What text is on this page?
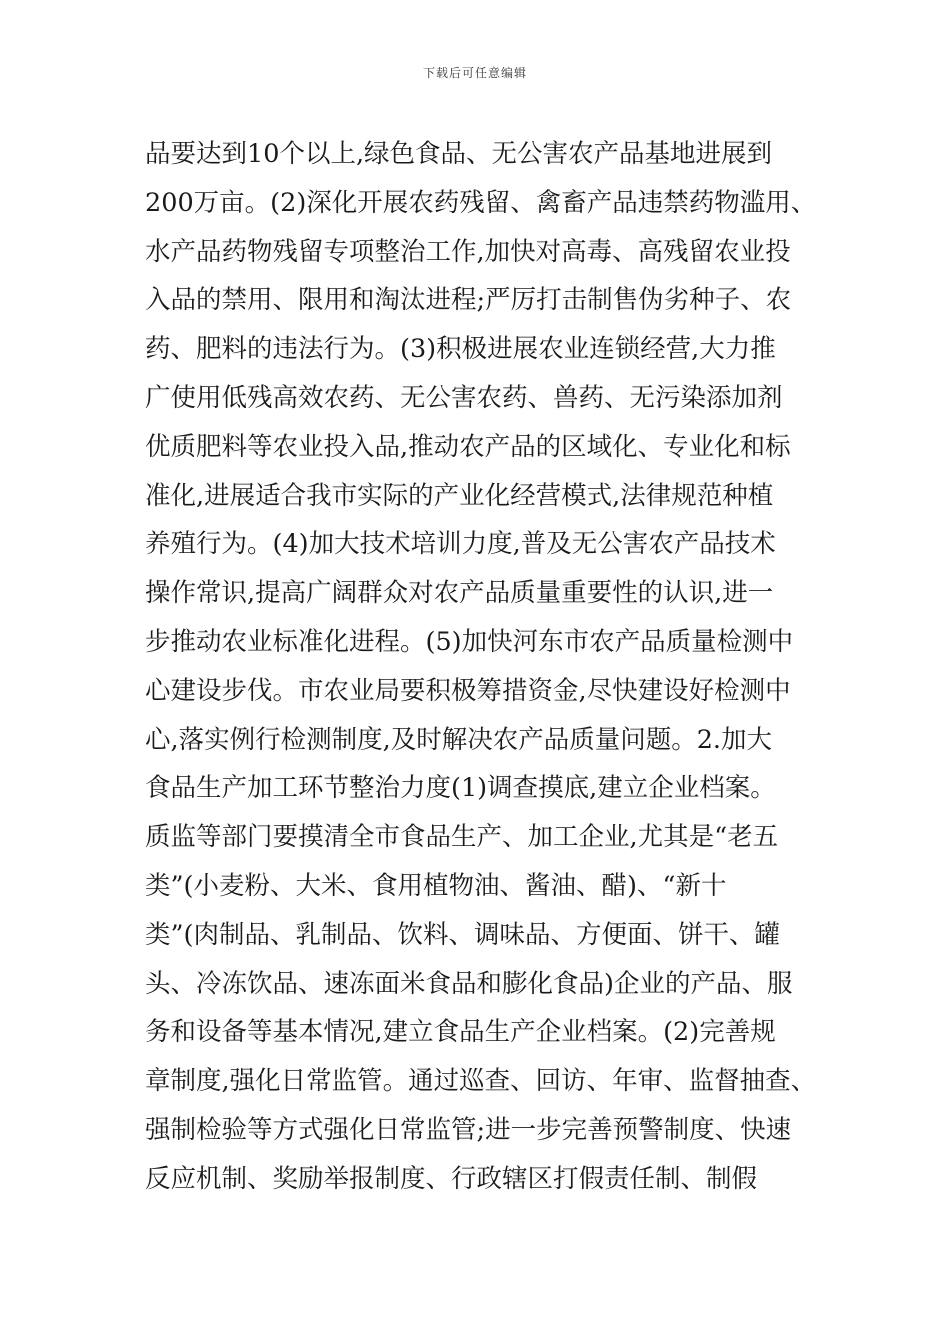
下载后可任意编辑
品要达到10个以上,绿色食品、无公害农产品基地进展到
200万亩。(2)深化开展农药残留、禽畜产品违禁药物滥用、
水产品药物残留专项整治工作,加快对高毒、高残留农业投
入品的禁用、限用和淘汰进程;严厉打击制售伪劣种子、农
药、肥料的违法行为。(3)积极进展农业连锁经营,大力推
广使用低残高效农药、无公害农药、兽药、无污染添加剂
优质肥料等农业投入品,推动农产品的区域化、专业化和标
准化,进展适合我市实际的产业化经营模式,法律规范种植
养殖行为。(4)加大技术培训力度,普及无公害农产品技术
操作常识,提高广阔群众对农产品质量重要性的认识,进一
步推动农业标准化进程。(5)加快河东市农产品质量检测中
心建设步伐。市农业局要积极筹措资金,尽快建设好检测中
心,落实例行检测制度,及时解决农产品质量问题。2.加大
食品生产加工环节整治力度(1)调查摸底,建立企业档案。
质监等部门要摸清全市食品生产、加工企业,尤其是“老五
类”(小麦粉、大米、食用植物油、酱油、醋)、“新十
类”(肉制品、乳制品、饮料、调味品、方便面、饼干、罐
头、冷冻饮品、速冻面米食品和膨化食品)企业的产品、服
务和设备等基本情况,建立食品生产企业档案。(2)完善规
章制度,强化日常监管。通过巡查、回访、年审、监督抽查、
强制检验等方式强化日常监管;进一步完善预警制度、快速
反应机制、奖励举报制度、行政辖区打假责任制、制假
